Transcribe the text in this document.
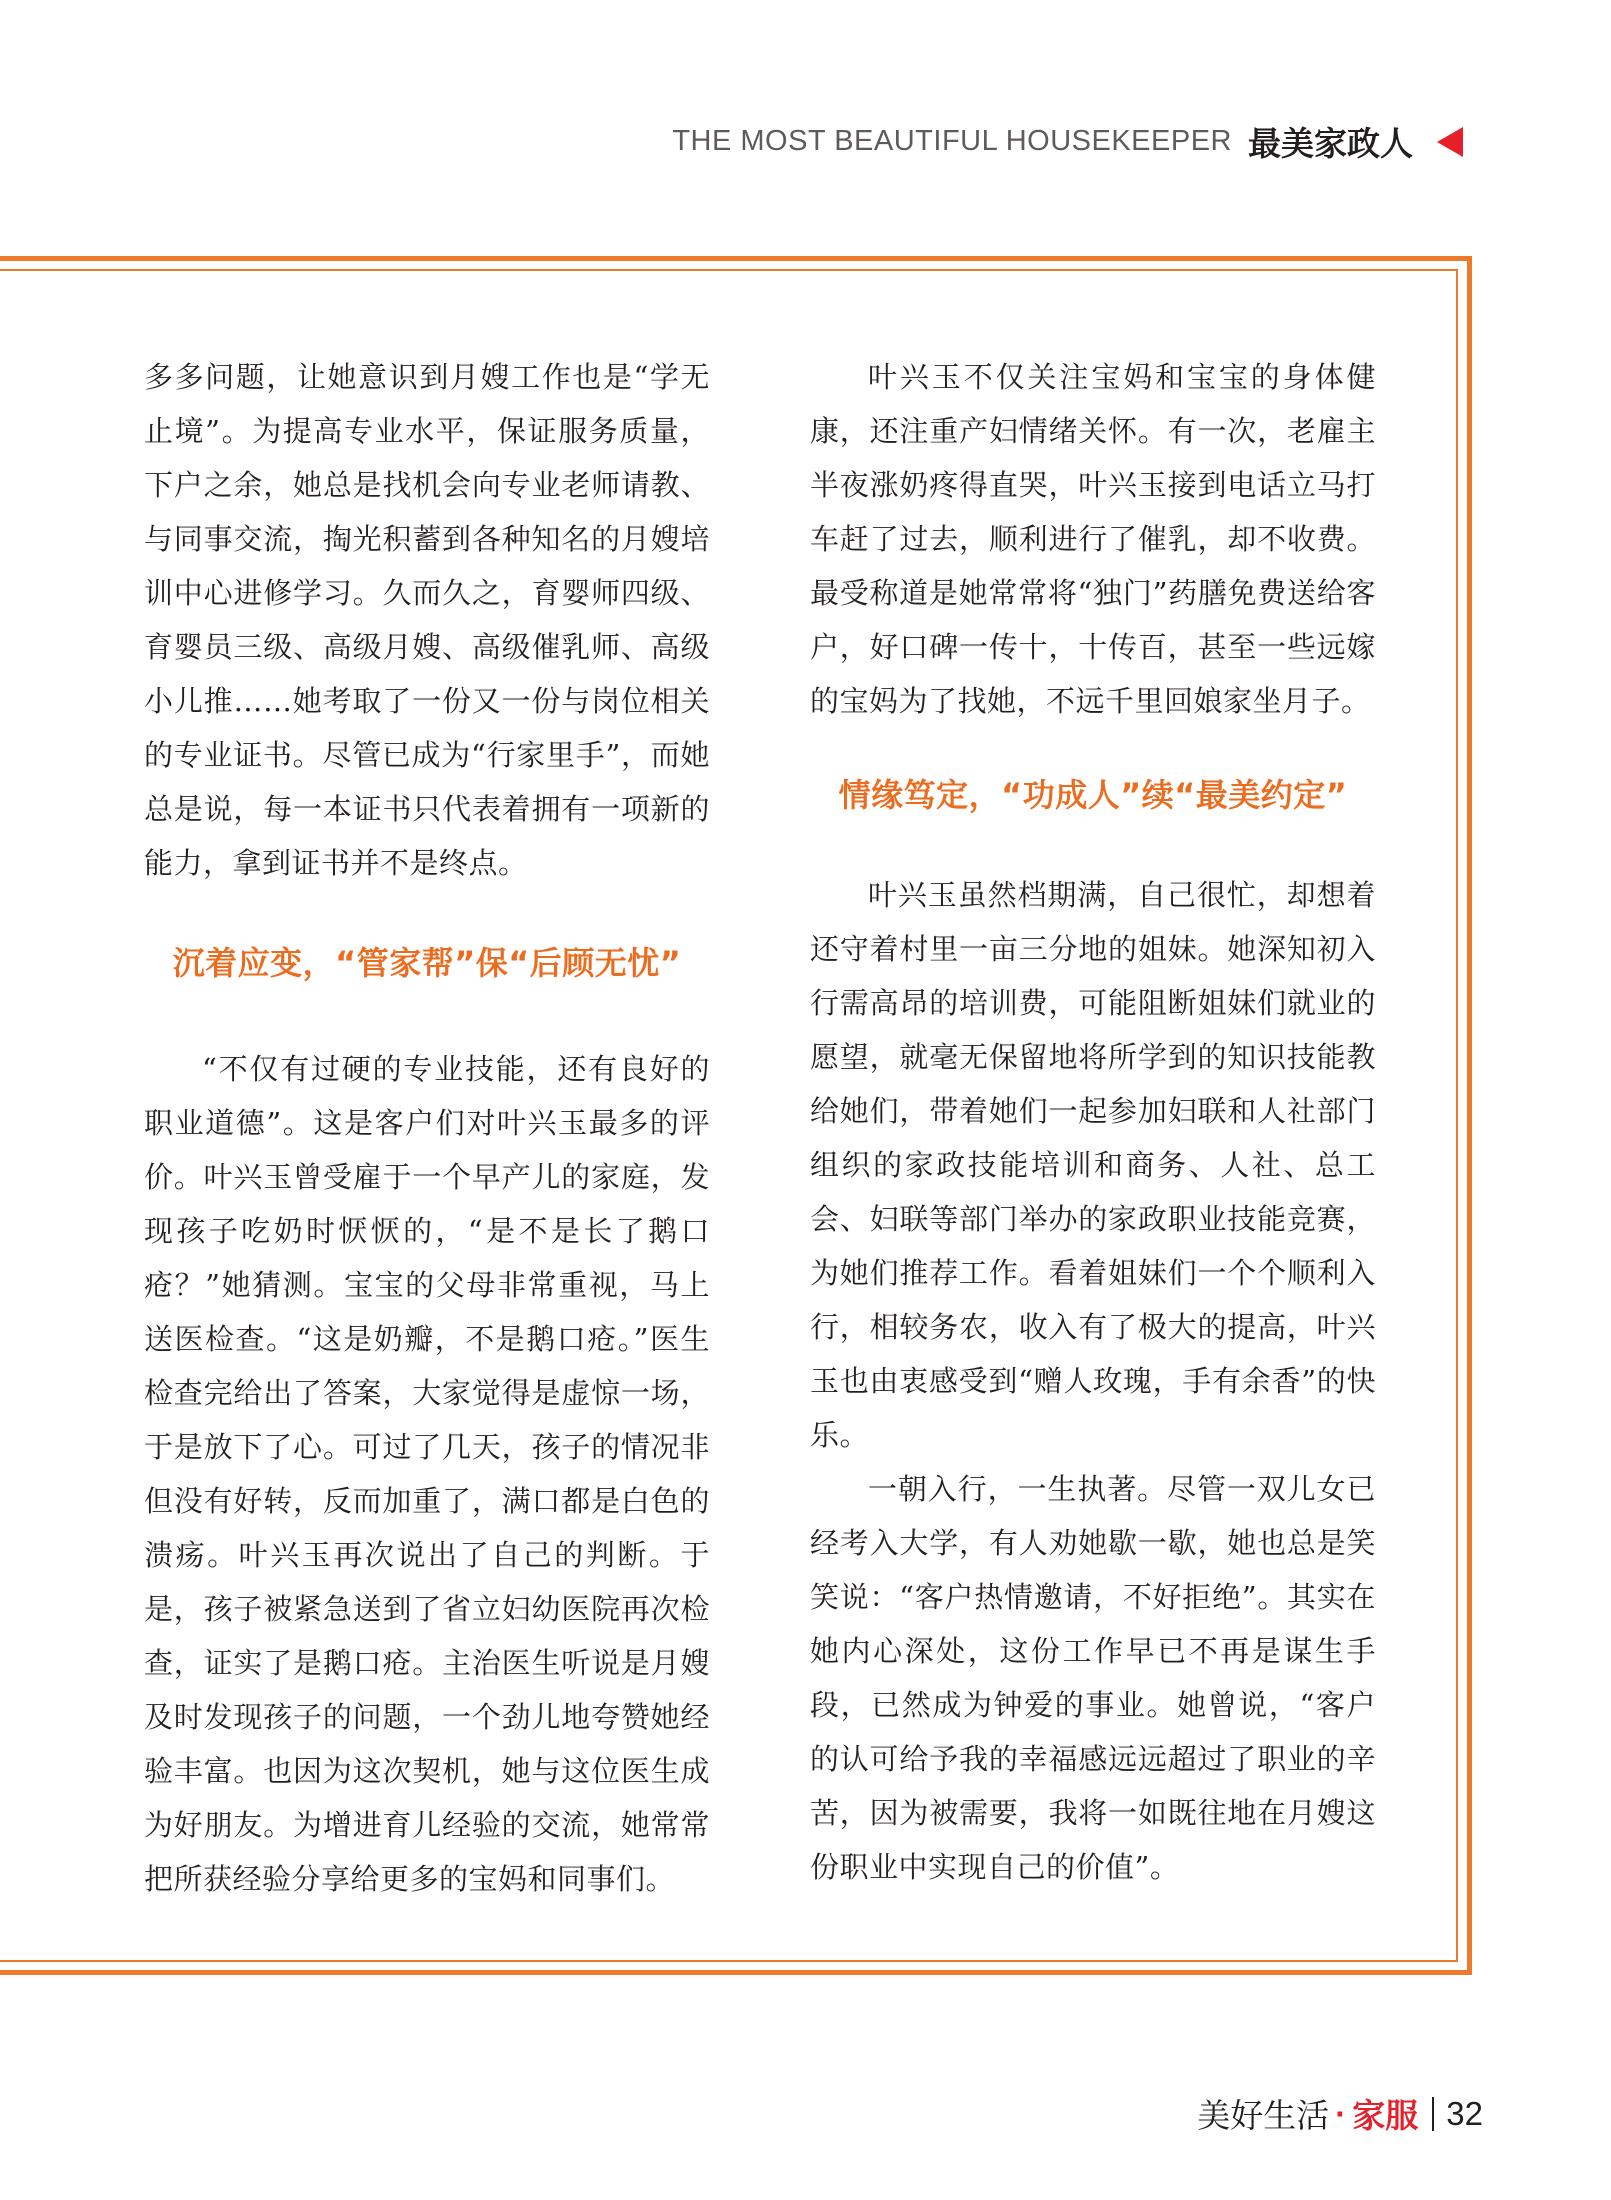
THE MOST BEAUTIFUL HOUSEKEEPER 最美家政人

多多问题，让她意识到月嫂工作也是“学无止境”。为提高专业水平，保证服务质量，下户之余，她总是找机会向专业老师请教、与同事交流，掏光积蓄到各种知名的月嫂培训中心进修学习。久而久之，育婴师四级、育婴员三级、高级月嫂、高级催乳师、高级小儿推……她考取了一份又一份与岗位相关的专业证书。尽管已成为“行家里手”，而她总是说，每一本证书只代表着拥有一项新的能力，拿到证书并不是终点。

沉着应变，“管家帮”保“后顾无忧”

“不仅有过硬的专业技能，还有良好的职业道德”。这是客户们对叶兴玉最多的评价。叶兴玉曾受雇于一个早产儿的家庭，发现孩子吃奶时恹恹的，“是不是长了鹅口疮？”她猜测。宝宝的父母非常重视，马上送医检查。“这是奶瓣，不是鹅口疮。”医生检查完给出了答案，大家觉得是虚惊一场，于是放下了心。可过了几天，孩子的情况非但没有好转，反而加重了，满口都是白色的溃疡。叶兴玉再次说出了自己的判断。于是，孩子被紧急送到了省立妇幼医院再次检查，证实了是鹅口疮。主治医生听说是月嫂及时发现孩子的问题，一个劲儿地夸赞她经验丰富。也因为这次契机，她与这位医生成为好朋友。为增进育儿经验的交流，她常常把所获经验分享给更多的宝妈和同事们。

叶兴玉不仅关注宝妈和宝宝的身体健康，还注重产妇情绪关怀。有一次，老雇主半夜涨奶疼得直哭，叶兴玉接到电话立马打车赶了过去，顺利进行了催乳，却不收费。最受称道是她常常将“独门”药膳免费送给客户，好口碑一传十，十传百，甚至一些远嫁的宝妈为了找她，不远千里回娘家坐月子。

情缘笃定，“功成人”续“最美约定”

叶兴玉虽然档期满，自己很忙，却想着还守着村里一亩三分地的姐妹。她深知初入行需高昂的培训费，可能阻断姐妹们就业的愿望，就毫无保留地将所学到的知识技能教给她们，带着她们一起参加妇联和人社部门组织的家政技能培训和商务、人社、总工会、妇联等部门举办的家政职业技能竞赛，为她们推荐工作。看着姐妹们一个个顺利入行，相较务农，收入有了极大的提高，叶兴玉也由衷感受到“赠人玫瑰，手有余香”的快乐。

一朝入行，一生执著。尽管一双儿女已经考入大学，有人劝她歇一歇，她也总是笑笑说：“客户热情邀请，不好拒绝”。其实在她内心深处，这份工作早已不再是谋生手段，已然成为钟爱的事业。她曾说，“客户的认可给予我的幸福感远远超过了职业的辛苦，因为被需要，我将一如既往地在月嫂这份职业中实现自己的价值”。

美好生活 · 家服 32
